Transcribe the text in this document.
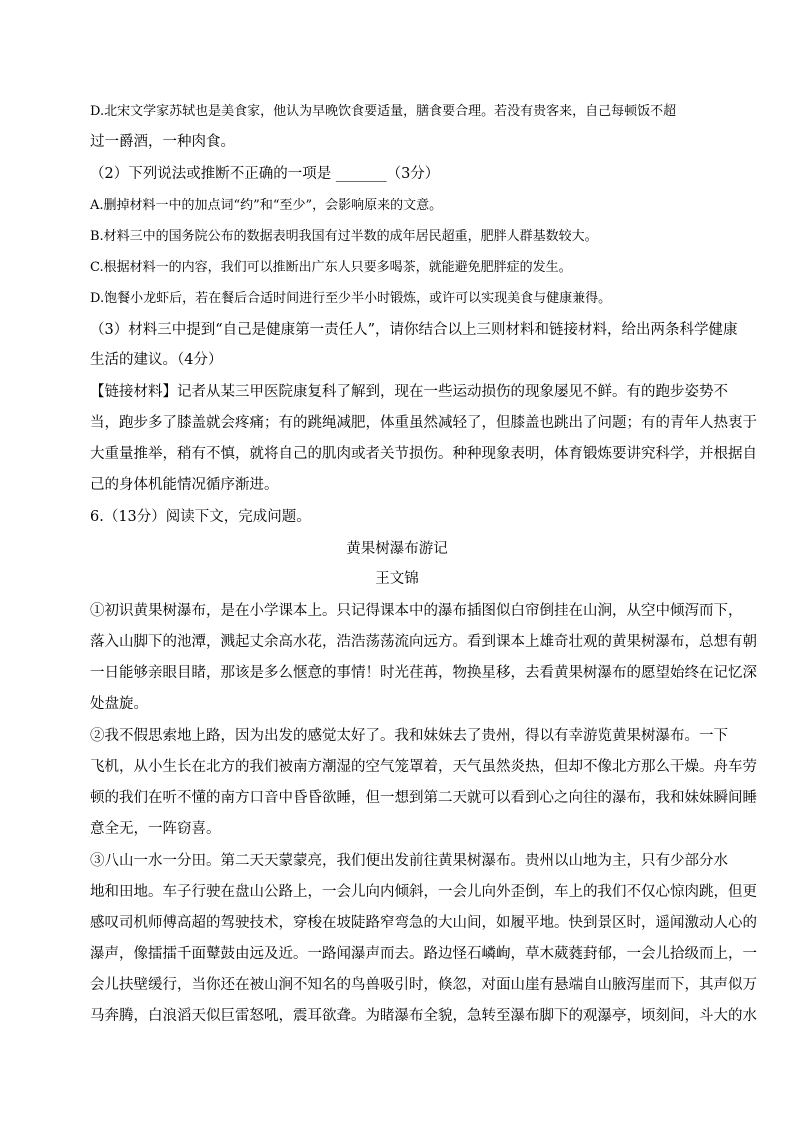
D.北宋文学家苏轼也是美食家，他认为早晚饮食要适量，膳食要合理。若没有贵客来，自己每顿饭不超

过一爵酒，一种肉食。

（2）下列说法或推断不正确的一项是 _______（3分）

A.删掉材料一中的加点词“约”和“至少”，会影响原来的文意。

B.材料三中的国务院公布的数据表明我国有过半数的成年居民超重，肥胖人群基数较大。

C.根据材料一的内容，我们可以推断出广东人只要多喝茶，就能避免肥胖症的发生。

D.饱餐小龙虾后，若在餐后合适时间进行至少半小时锻炼，或许可以实现美食与健康兼得。

（3）材料三中提到“自己是健康第一责任人”，请你结合以上三则材料和链接材料，给出两条科学健康

生活的建议。（4分）

【链接材料】记者从某三甲医院康复科了解到，现在一些运动损伤的现象屡见不鲜。有的跑步姿势不

当，跑步多了膝盖就会疼痛；有的跳绳减肥，体重虽然减轻了，但膝盖也跳出了问题；有的青年人热衷于

大重量推举，稍有不慎，就将自己的肌肉或者关节损伤。种种现象表明，体育锻炼要讲究科学，并根据自

己的身体机能情况循序渐进。

6.（13分）阅读下文，完成问题。

黄果树瀑布游记

王文锦

①初识黄果树瀑布，是在小学课本上。只记得课本中的瀑布插图似白帘倒挂在山涧，从空中倾泻而下，

落入山脚下的池潭，溅起丈余高水花，浩浩荡荡流向远方。看到课本上雄奇壮观的黄果树瀑布，总想有朝

一日能够亲眼目睹，那该是多么惬意的事情！时光荏苒，物换星移，去看黄果树瀑布的愿望始终在记忆深

处盘旋。

②我不假思索地上路，因为出发的感觉太好了。我和妹妹去了贵州，得以有幸游览黄果树瀑布。一下

飞机，从小生长在北方的我们被南方潮湿的空气笼罩着，天气虽然炎热，但却不像北方那么干燥。舟车劳

顿的我们在听不懂的南方口音中昏昏欲睡，但一想到第二天就可以看到心之向往的瀑布，我和妹妹瞬间睡

意全无，一阵窃喜。

③八山一水一分田。第二天天蒙蒙亮，我们便出发前往黄果树瀑布。贵州以山地为主，只有少部分水

地和田地。车子行驶在盘山公路上，一会儿向内倾斜，一会儿向外歪倒，车上的我们不仅心惊肉跳，但更

感叹司机师傅高超的驾驶技术，穿梭在坡陡路窄弯急的大山间，如履平地。快到景区时，遥闻激动人心的

瀑声，像擂擂千面鼙鼓由远及近。一路闻瀑声而去。路边怪石嶙峋，草木葳蕤葑郁，一会儿拾级而上，一

会儿扶壁缓行，当你还在被山涧不知名的鸟兽吸引时，倏忽，对面山崖有悬端自山腋泻崖而下，其声似万

马奔腾，白浪滔天似巨雷怒吼，震耳欲聋。为睹瀑布全貌，急转至瀑布脚下的观瀑亭，顷刻间，斗大的水
